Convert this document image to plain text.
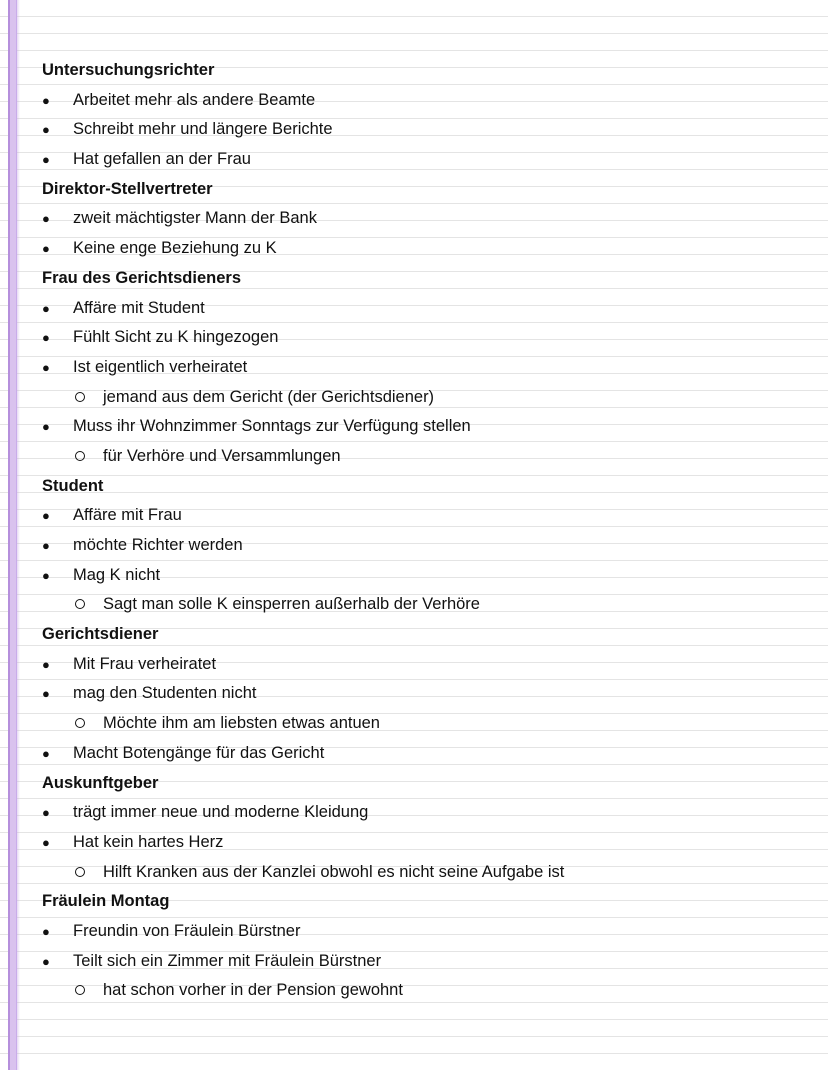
Untersuchungsrichter
●	Arbeitet mehr als andere Beamte
●	Schreibt mehr und längere Berichte
●	Hat gefallen an der Frau
Direktor-Stellvertreter
●	zweit mächtigster Mann der Bank
●	Keine enge Beziehung zu K
Frau des Gerichtsdieners
●	Affäre mit Student
●	Fühlt Sicht zu K hingezogen
●	Ist eigentlich verheiratet
jemand aus dem Gericht (der Gerichtsdiener)
●	Muss ihr Wohnzimmer Sonntags zur Verfügung stellen
für Verhöre und Versammlungen
Student
●	Affäre mit Frau
●	möchte Richter werden
●	Mag K nicht
Sagt man solle K einsperren außerhalb der Verhöre
Gerichtsdiener
●	Mit Frau verheiratet
●	mag den Studenten nicht
Möchte ihm am liebsten etwas antuen
●	Macht Botengänge für das Gericht
Auskunftgeber
●	trägt immer neue und moderne Kleidung
●	Hat kein hartes Herz
Hilft Kranken aus der Kanzlei obwohl es nicht seine Aufgabe ist
Fräulein Montag
●	Freundin von Fräulein Bürstner
●	Teilt sich ein Zimmer mit Fräulein Bürstner
hat schon vorher in der Pension gewohnt
